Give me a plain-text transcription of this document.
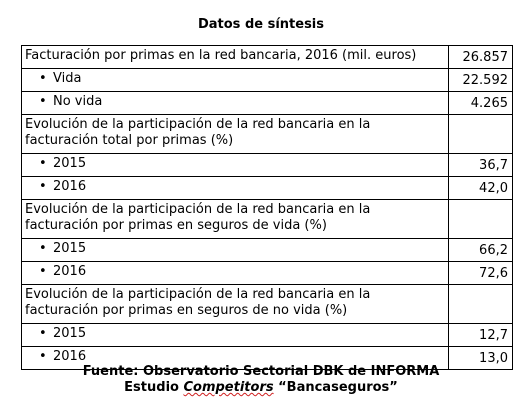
Datos de síntesis
Facturación por primas en la red bancaria, 2016 (mil. euros)	26.857

• Vida	22.592

• No vida	4.265
Evolución de la participación de la red bancaria en la facturación total por primas (%)	

• 2015	36,7

• 2016	42,0
Evolución de la participación de la red bancaria en la facturación por primas en seguros de vida (%)	

• 2015	66,2

• 2016	72,6
Evolución de la participación de la red bancaria en la facturación por primas en seguros de no vida (%)	

• 2015	12,7

• 2016	13,0
Fuente: Observatorio Sectorial DBK de INFORMA
Estudio Competitors “Bancaseguros”
